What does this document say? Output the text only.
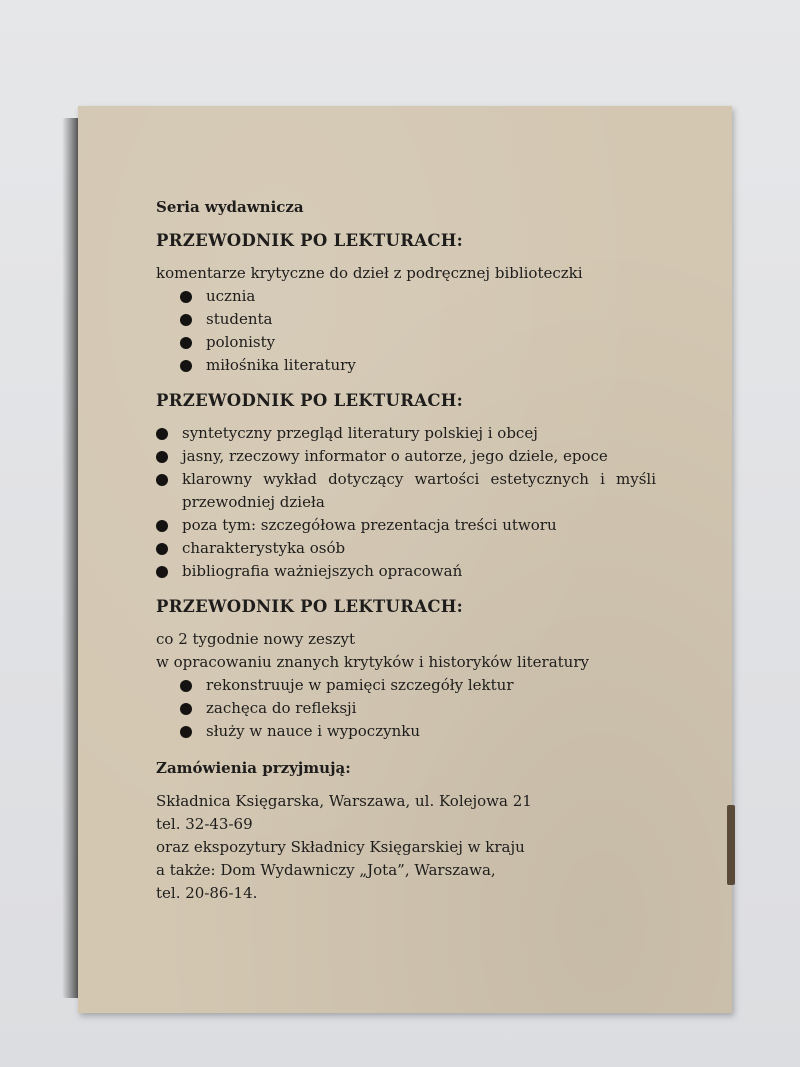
Seria wydawnicza

PRZEWODNIK PO LEKTURACH:

komentarze krytyczne do dzieł z podręcznej biblioteczki

ucznia
studenta
polonisty
miłośnika literatury

PRZEWODNIK PO LEKTURACH:

syntetyczny przegląd literatury polskiej i obcej
jasny, rzeczowy informator o autorze, jego dziele, epoce
klarowny wykład dotyczący wartości estetycznych i myśli przewodniej dzieła
poza tym: szczegółowa prezentacja treści utworu
charakterystyka osób
bibliografia ważniejszych opracowań

PRZEWODNIK PO LEKTURACH:

co 2 tygodnie nowy zeszyt

w opracowaniu znanych krytyków i historyków literatury

rekonstruuje w pamięci szczegóły lektur
zachęca do refleksji
służy w nauce i wypoczynku

Zamówienia przyjmują:

Składnica Księgarska, Warszawa, ul. Kolejowa 21

tel. 32-43-69

oraz ekspozytury Składnicy Księgarskiej w kraju

a także: Dom Wydawniczy „Jota”, Warszawa,

tel. 20-86-14.
